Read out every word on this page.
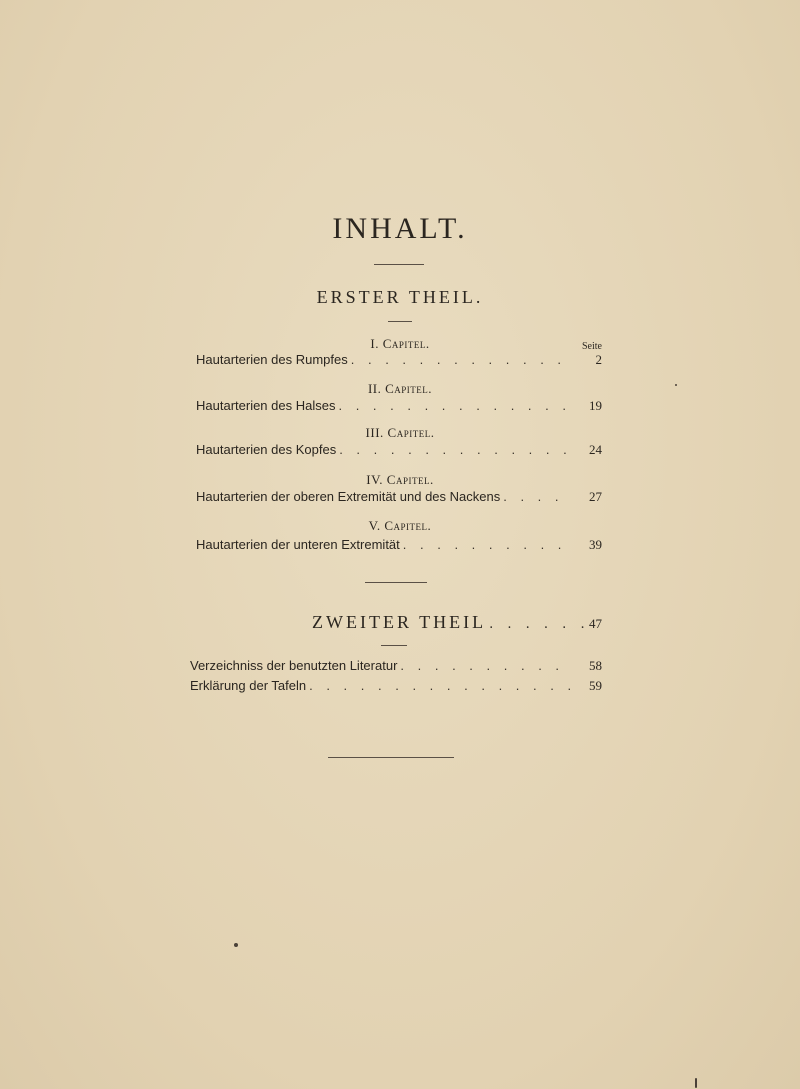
INHALT.
ERSTER THEIL.
I. Capitel.	Seite
Hautarterien des Rumpfes . . .	2
II. Capitel.
Hautarterien des Halses . . .	19
III. Capitel.
Hautarterien des Kopfes . . .	24
IV. Capitel.
Hautarterien der oberen Extremität und des Nackens . . .	27
V. Capitel.
Hautarterien der unteren Extremität . . .	39
ZWEITER THEIL . . .	47
Verzeichniss der benutzten Literatur . . .	58
Erklärung der Tafeln . . .	59
